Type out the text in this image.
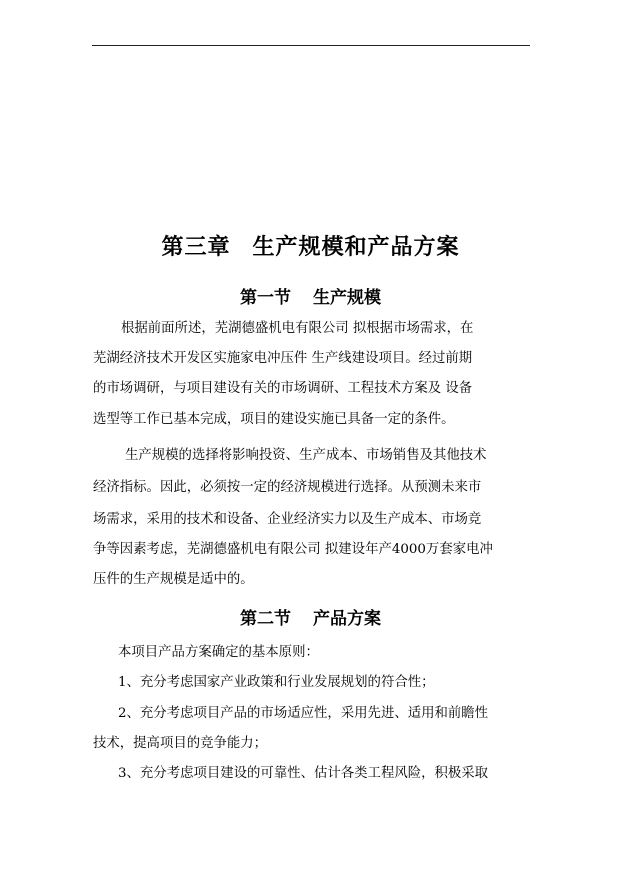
第三章 生产规模和产品方案
第一节 生产规模
根据前面所述，芜湖德盛机电有限公司 拟根据市场需求，在
芜湖经济技术开发区实施家电冲压件 生产线建设项目。经过前期
的市场调研，与项目建设有关的市场调研、工程技术方案及 设备
选型等工作已基本完成，项目的建设实施已具备一定的条件。
生产规模的选择将影响投资、生产成本、市场销售及其他技术
经济指标。因此，必须按一定的经济规模进行选择。从预测未来市
场需求，采用的技术和设备、企业经济实力以及生产成本、市场竞
争等因素考虑，芜湖德盛机电有限公司 拟建设年产4000万套家电冲
压件的生产规模是适中的。
第二节 产品方案
本项目产品方案确定的基本原则：
1、充分考虑国家产业政策和行业发展规划的符合性；
2、充分考虑项目产品的市场适应性，采用先进、适用和前瞻性
技术，提高项目的竞争能力；
3、充分考虑项目建设的可靠性、估计各类工程风险，积极采取
